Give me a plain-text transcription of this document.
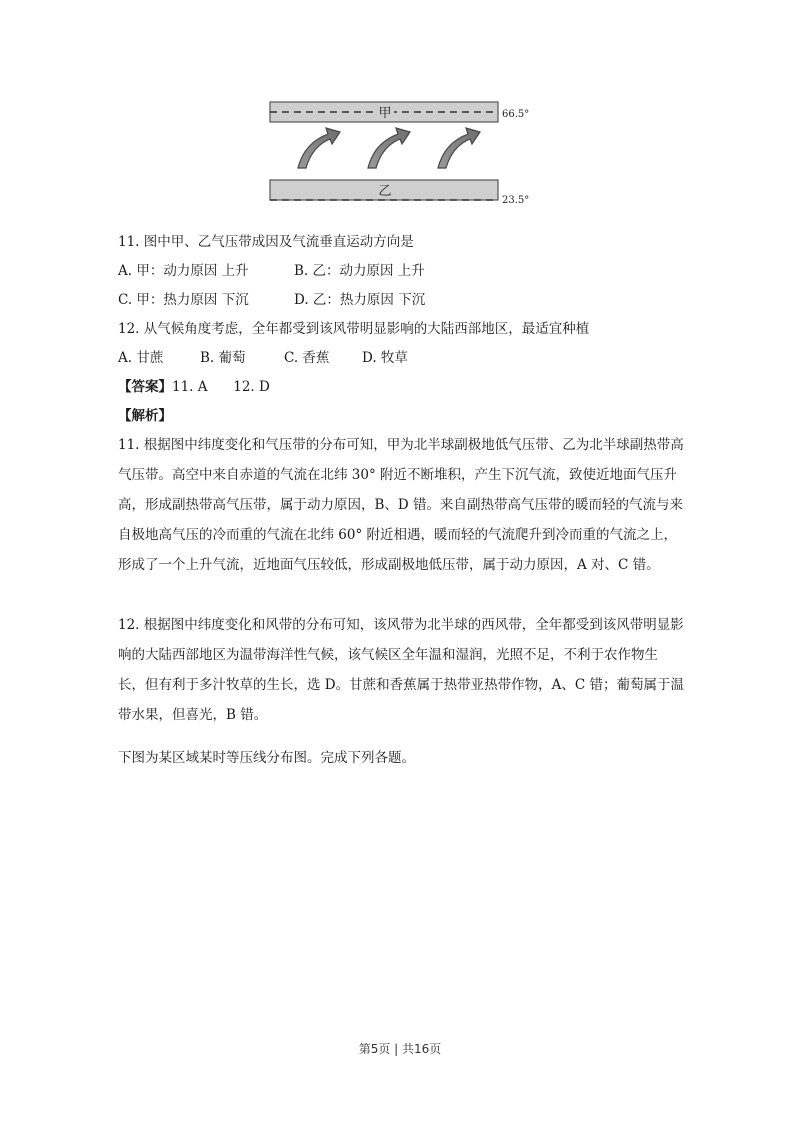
甲	66.5°
乙
23.5°
11. 图中甲、乙气压带成因及气流垂直运动方向是
A. 甲：动力原因 上升	B. 乙：动力原因 上升
C. 甲：热力原因 下沉	D. 乙：热力原因 下沉
12. 从气候角度考虑，全年都受到该风带明显影响的大陆西部地区，最适宜种植
A. 甘蔗	B. 葡萄	C. 香蕉 D. 牧草
【答案】11. A      12. D
【解析】
11. 根据图中纬度变化和气压带的分布可知，甲为北半球副极地低气压带、乙为北半球副热带高气压带。高空中来自赤道的气流在北纬 30° 附近不断堆积，产生下沉气流，致使近地面气压升高，形成副热带高气压带，属于动力原因，B、D 错。来自副热带高气压带的暖而轻的气流与来自极地高气压的冷而重的气流在北纬 60° 附近相遇，暖而轻的气流爬升到冷而重的气流之上，形成了一个上升气流，近地面气压较低，形成副极地低压带，属于动力原因，A 对、C 错。
12. 根据图中纬度变化和风带的分布可知，该风带为北半球的西风带，全年都受到该风带明显影响的大陆西部地区为温带海洋性气候，该气候区全年温和湿润，光照不足，不利于农作物生长，但有利于多汁牧草的生长，选 D。甘蔗和香蕉属于热带亚热带作物，A、C 错；葡萄属于温带水果，但喜光，B 错。
下图为某区域某时等压线分布图。完成下列各题。
第5页 | 共16页
